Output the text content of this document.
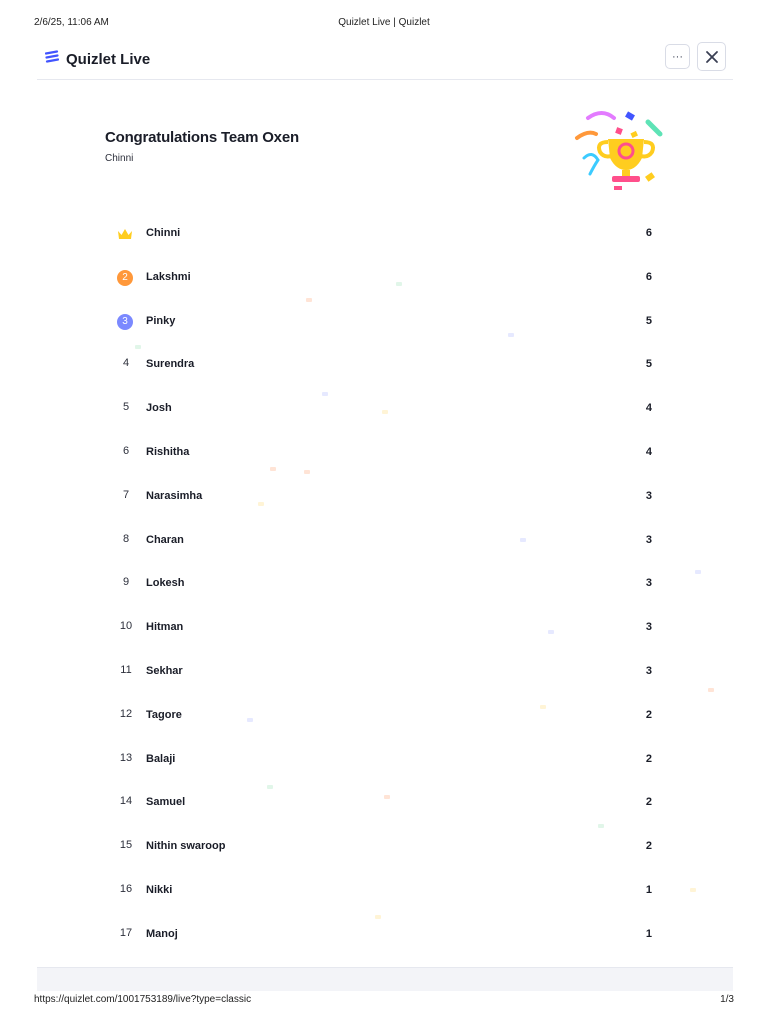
2/6/25, 11:06 AM	Quizlet Live | Quizlet
Quizlet Live	···
Congratulations Team Oxen
Chinni
Chinni	6
2	Lakshmi	6
3	Pinky	5
4	Surendra	5
5	Josh	4
6	Rishitha	4
7	Narasimha	3
8	Charan	3
9	Lokesh	3
10	Hitman	3
11	Sekhar	3
12	Tagore	2
13	Balaji	2
14	Samuel	2
15	Nithin swaroop	2
16	Nikki	1
17	Manoj	1
https://quizlet.com/1001753189/live?type=classic	1/3
